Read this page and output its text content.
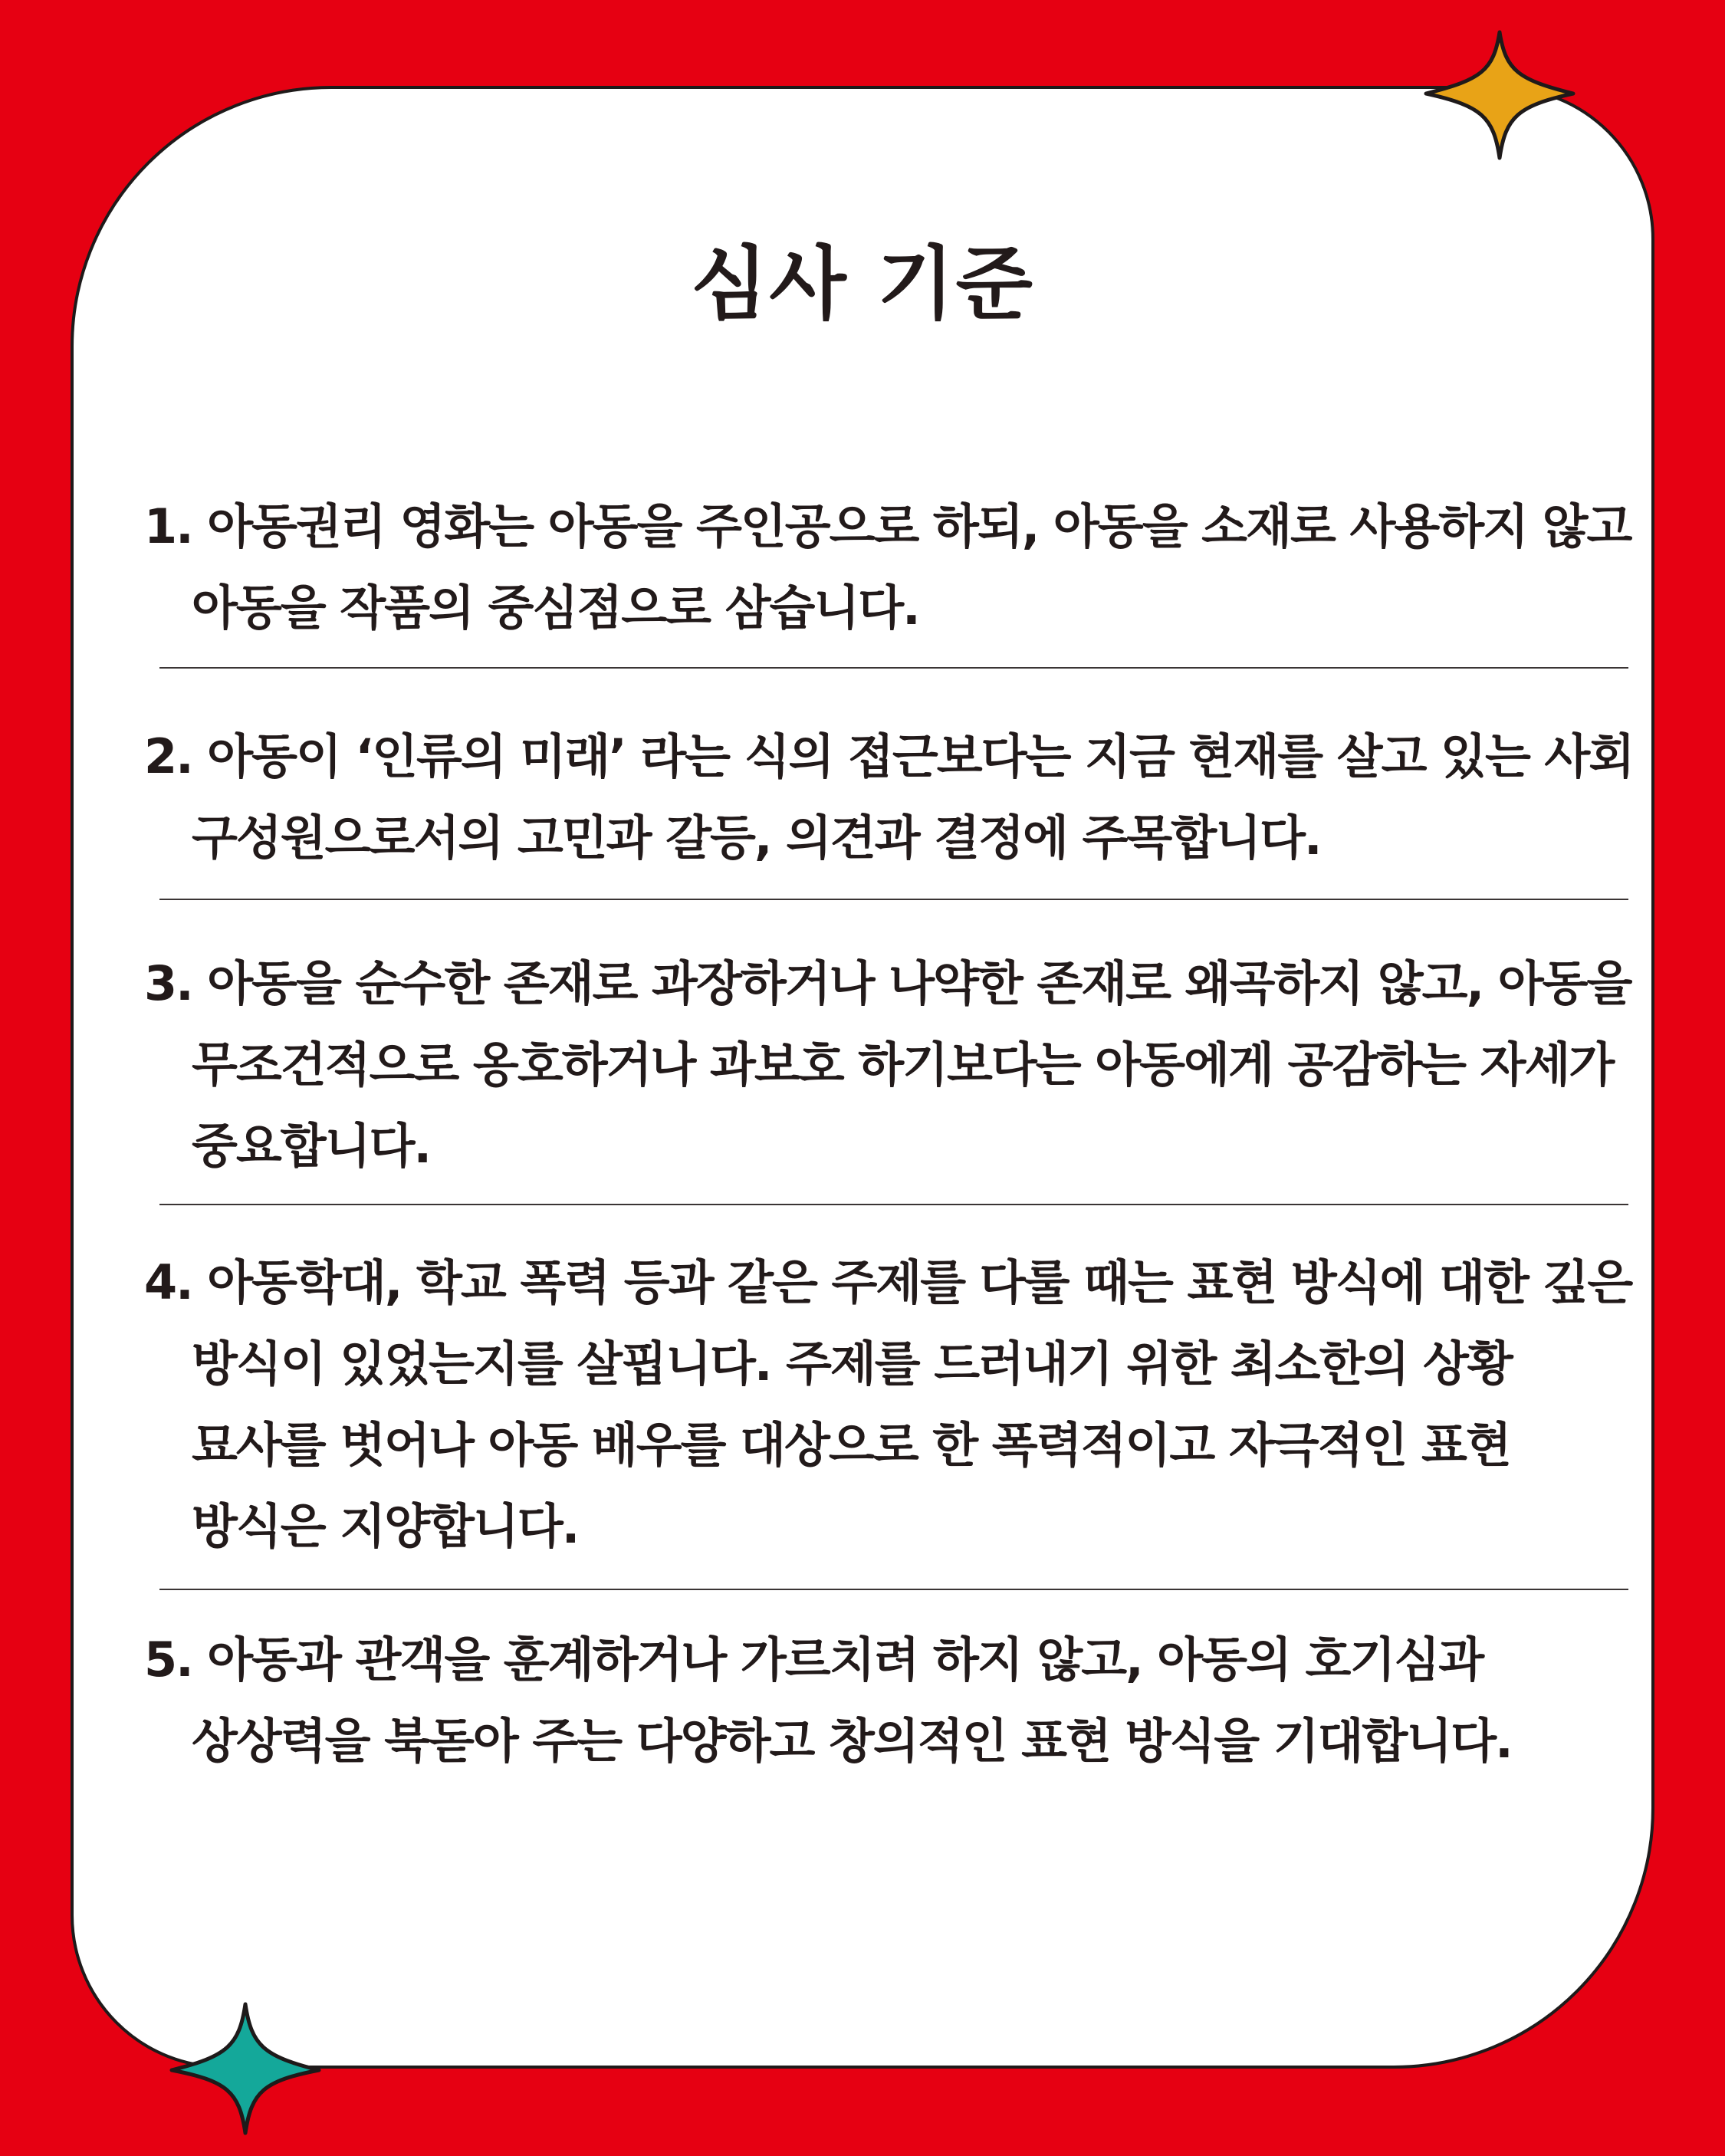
심사 기준
1. 아동권리 영화는 아동을 주인공으로 하되, 아동을 소재로 사용하지 않고
아동을 작품의 중심점으로 삼습니다.
2. 아동이 ‘인류의 미래’ 라는 식의 접근보다는 지금 현재를 살고 있는 사회
구성원으로서의 고민과 갈등, 의견과 결정에 주목합니다.
3. 아동을 순수한 존재로 과장하거나 나약한 존재로 왜곡하지 않고, 아동을
무조건적으로 옹호하거나 과보호 하기보다는 아동에게 공감하는 자세가
중요합니다.
4. 아동학대, 학교 폭력 등과 같은 주제를 다룰 때는 표현 방식에 대한 깊은
방식이 있었는지를 살핍니다. 주제를 드러내기 위한 최소한의 상황
묘사를 벗어나 아동 배우를 대상으로 한 폭력적이고 자극적인 표현
방식은 지양합니다.
5. 아동과 관객을 훈계하거나 가르치려 하지 않고, 아동의 호기심과
상상력을 북돋아 주는 다양하고 창의적인 표현 방식을 기대합니다.
